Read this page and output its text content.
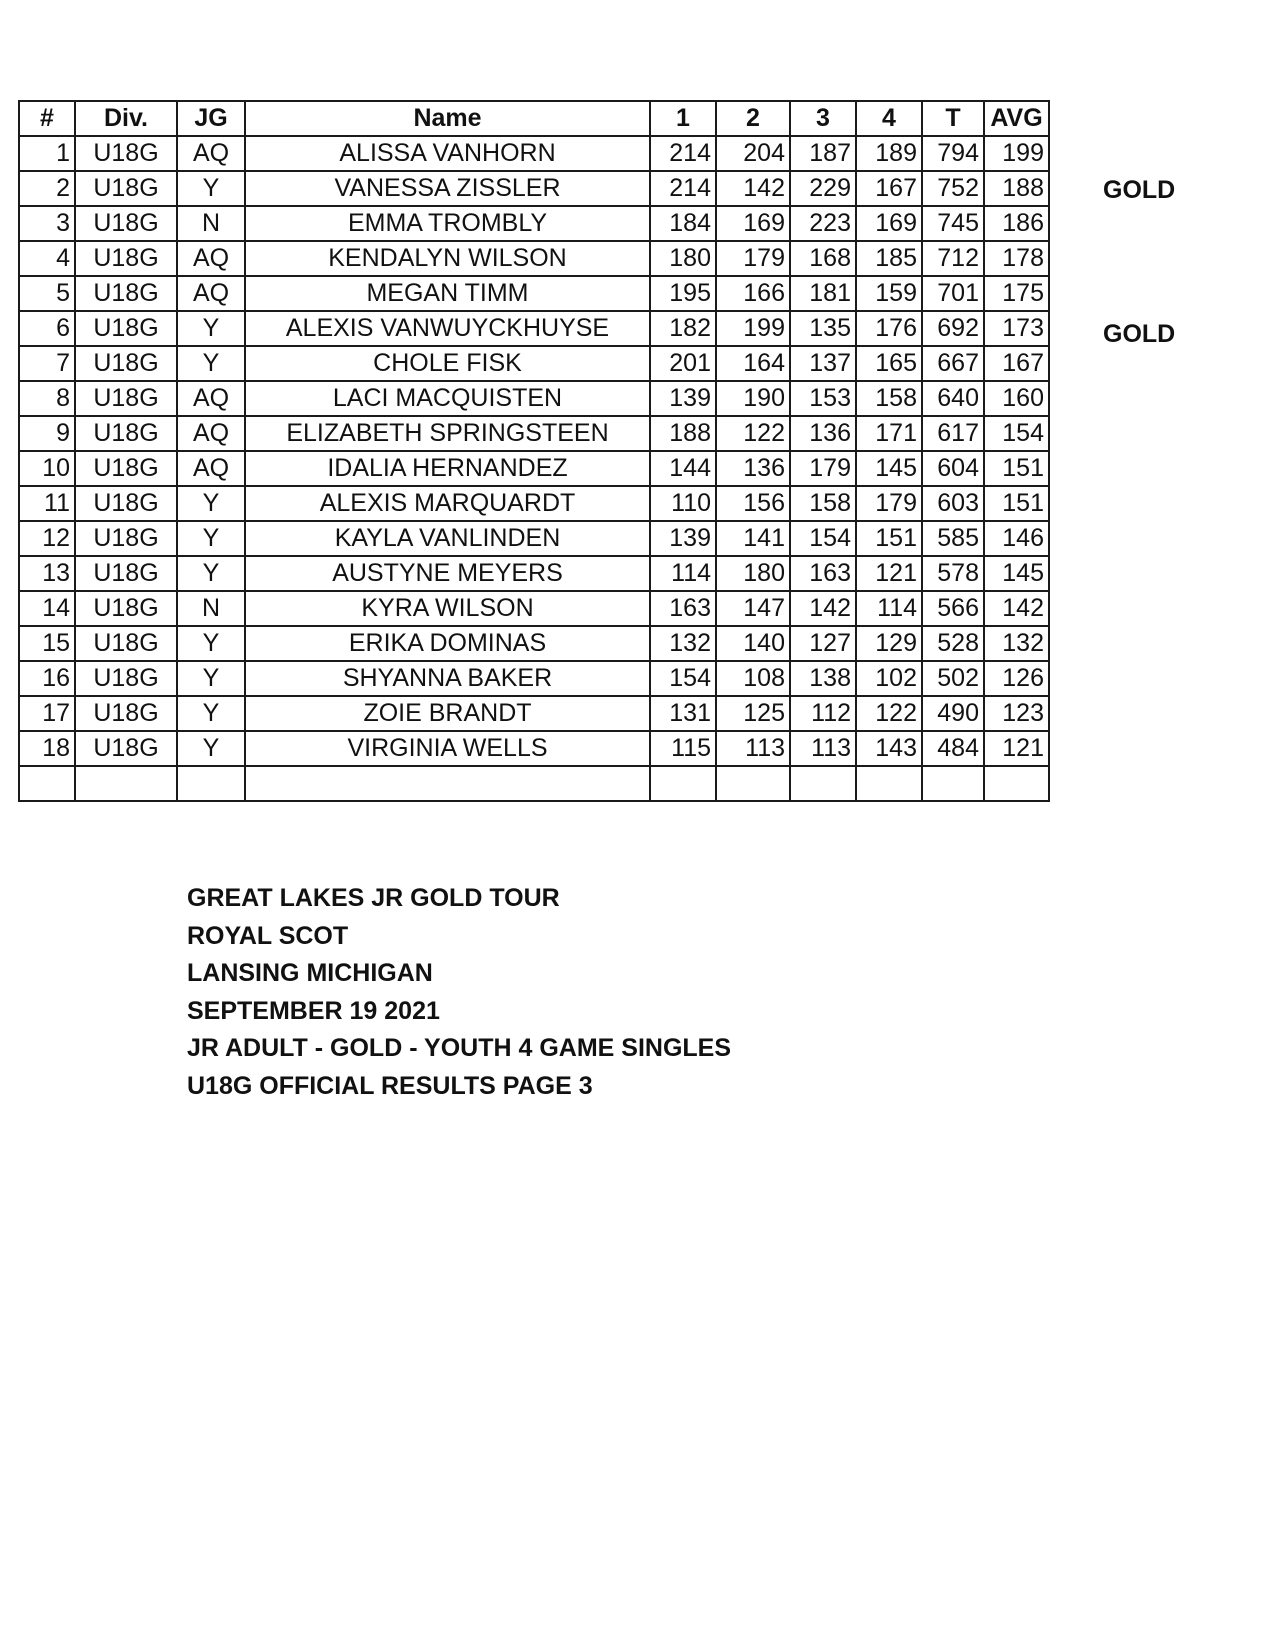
#	Div.	JG	Name	1	2	3	4	T	AVG
1	U18G	AQ	ALISSA VANHORN	214	204	187	189	794	199
2	U18G	Y	VANESSA ZISSLER	214	142	229	167	752	188
3	U18G	N	EMMA TROMBLY	184	169	223	169	745	186
4	U18G	AQ	KENDALYN WILSON	180	179	168	185	712	178
5	U18G	AQ	MEGAN TIMM	195	166	181	159	701	175
6	U18G	Y	ALEXIS VANWUYCKHUYSE	182	199	135	176	692	173
7	U18G	Y	CHOLE FISK	201	164	137	165	667	167
8	U18G	AQ	LACI MACQUISTEN	139	190	153	158	640	160
9	U18G	AQ	ELIZABETH SPRINGSTEEN	188	122	136	171	617	154
10	U18G	AQ	IDALIA HERNANDEZ	144	136	179	145	604	151
11	U18G	Y	ALEXIS MARQUARDT	110	156	158	179	603	151
12	U18G	Y	KAYLA VANLINDEN	139	141	154	151	585	146
13	U18G	Y	AUSTYNE MEYERS	114	180	163	121	578	145
14	U18G	N	KYRA WILSON	163	147	142	114	566	142
15	U18G	Y	ERIKA DOMINAS	132	140	127	129	528	132
16	U18G	Y	SHYANNA BAKER	154	108	138	102	502	126
17	U18G	Y	ZOIE BRANDT	131	125	112	122	490	123
18	U18G	Y	VIRGINIA WELLS	115	113	113	143	484	121

GOLD
GOLD
GREAT LAKES JR GOLD TOUR
ROYAL SCOT
LANSING MICHIGAN
SEPTEMBER 19 2021
JR ADULT - GOLD - YOUTH 4 GAME SINGLES
U18G OFFICIAL RESULTS PAGE 3
